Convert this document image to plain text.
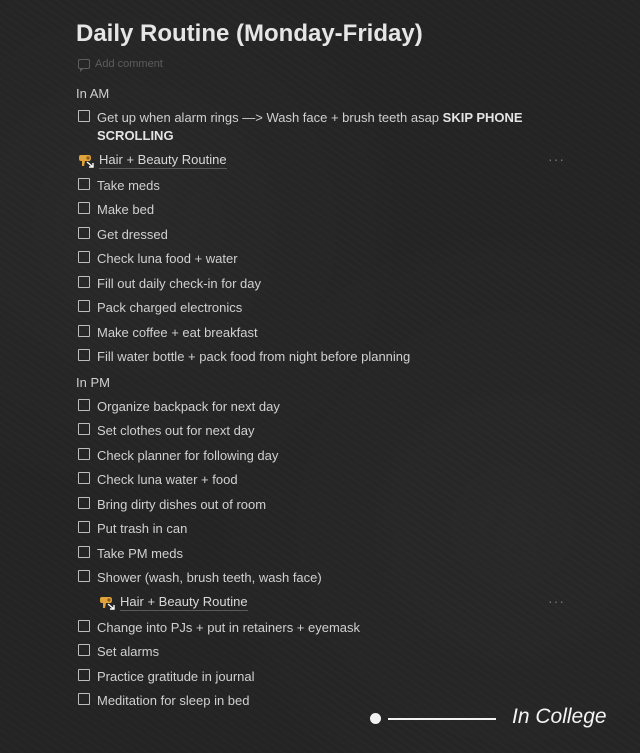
Daily Routine (Monday-Friday)
Add comment
In AM
Get up when alarm rings —> Wash face + brush teeth asap SKIP PHONE SCROLLING
Hair + Beauty Routine	···
Take meds
Make bed
Get dressed
Check luna food + water
Fill out daily check-in for day
Pack charged electronics
Make coffee + eat breakfast
Fill water bottle + pack food from night before planning
In PM
Organize backpack for next day
Set clothes out for next day
Check planner for following day
Check luna water + food
Bring dirty dishes out of room
Put trash in can
Take PM meds
Shower (wash, brush teeth, wash face)
Hair + Beauty Routine	···
Change into PJs + put in retainers + eyemask
Set alarms
Practice gratitude in journal
Meditation for sleep in bed
In College
